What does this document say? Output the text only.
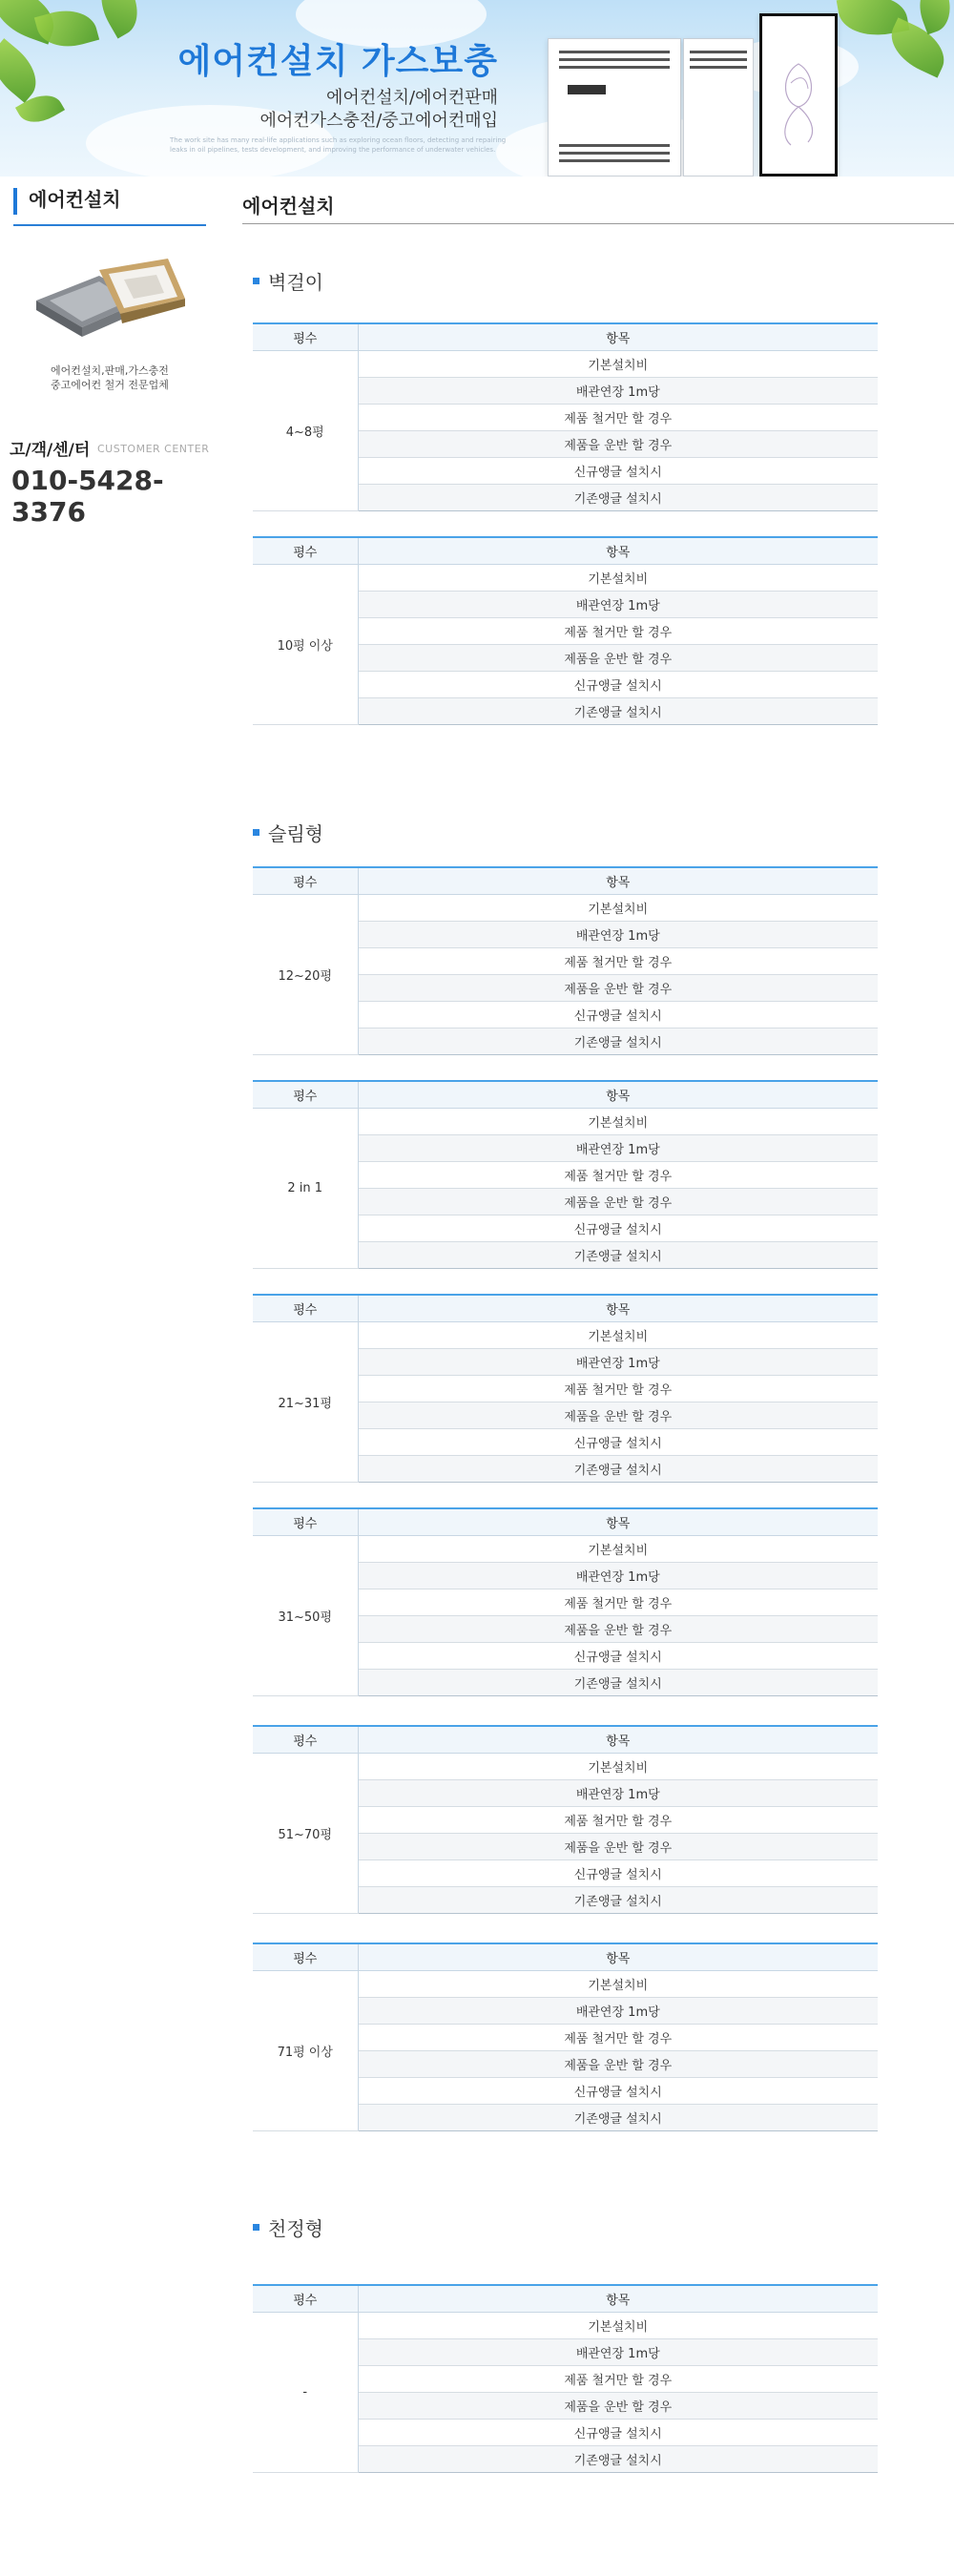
에어컨설치 가스보충
에어컨설치/에어컨판매
에어컨가스충전/중고에어컨매입
The work site has many real-life applications such as exploring ocean floors, detecting and repairing leaks in oil pipelines, tests development, and improving the performance of underwater vehicles.
에어컨설치
에어컨설치,판매,가스충전
중고에어컨 철거 전문업체
고/객/센/터 CUSTOMER CENTER
010-5428-3376
에어컨설치
벽걸이
평수	항목
4~8평	기본설치비
	배관연장 1m당
	제품 철거만 할 경우
	제품을 운반 할 경우
	신규앵글 설치시
	기존앵글 설치시
평수	항목
10평 이상	기본설치비
	배관연장 1m당
	제품 철거만 할 경우
	제품을 운반 할 경우
	신규앵글 설치시
	기존앵글 설치시
슬림형
평수	항목
12~20평	기본설치비
	배관연장 1m당
	제품 철거만 할 경우
	제품을 운반 할 경우
	신규앵글 설치시
	기존앵글 설치시
평수	항목
2 in 1	기본설치비
	배관연장 1m당
	제품 철거만 할 경우
	제품을 운반 할 경우
	신규앵글 설치시
	기존앵글 설치시
평수	항목
21~31평	기본설치비
	배관연장 1m당
	제품 철거만 할 경우
	제품을 운반 할 경우
	신규앵글 설치시
	기존앵글 설치시
평수	항목
31~50평	기본설치비
	배관연장 1m당
	제품 철거만 할 경우
	제품을 운반 할 경우
	신규앵글 설치시
	기존앵글 설치시
평수	항목
51~70평	기본설치비
	배관연장 1m당
	제품 철거만 할 경우
	제품을 운반 할 경우
	신규앵글 설치시
	기존앵글 설치시
평수	항목
71평 이상	기본설치비
	배관연장 1m당
	제품 철거만 할 경우
	제품을 운반 할 경우
	신규앵글 설치시
	기존앵글 설치시
천정형
평수	항목
-	기본설치비
	배관연장 1m당
	제품 철거만 할 경우
	제품을 운반 할 경우
	신규앵글 설치시
	기존앵글 설치시
